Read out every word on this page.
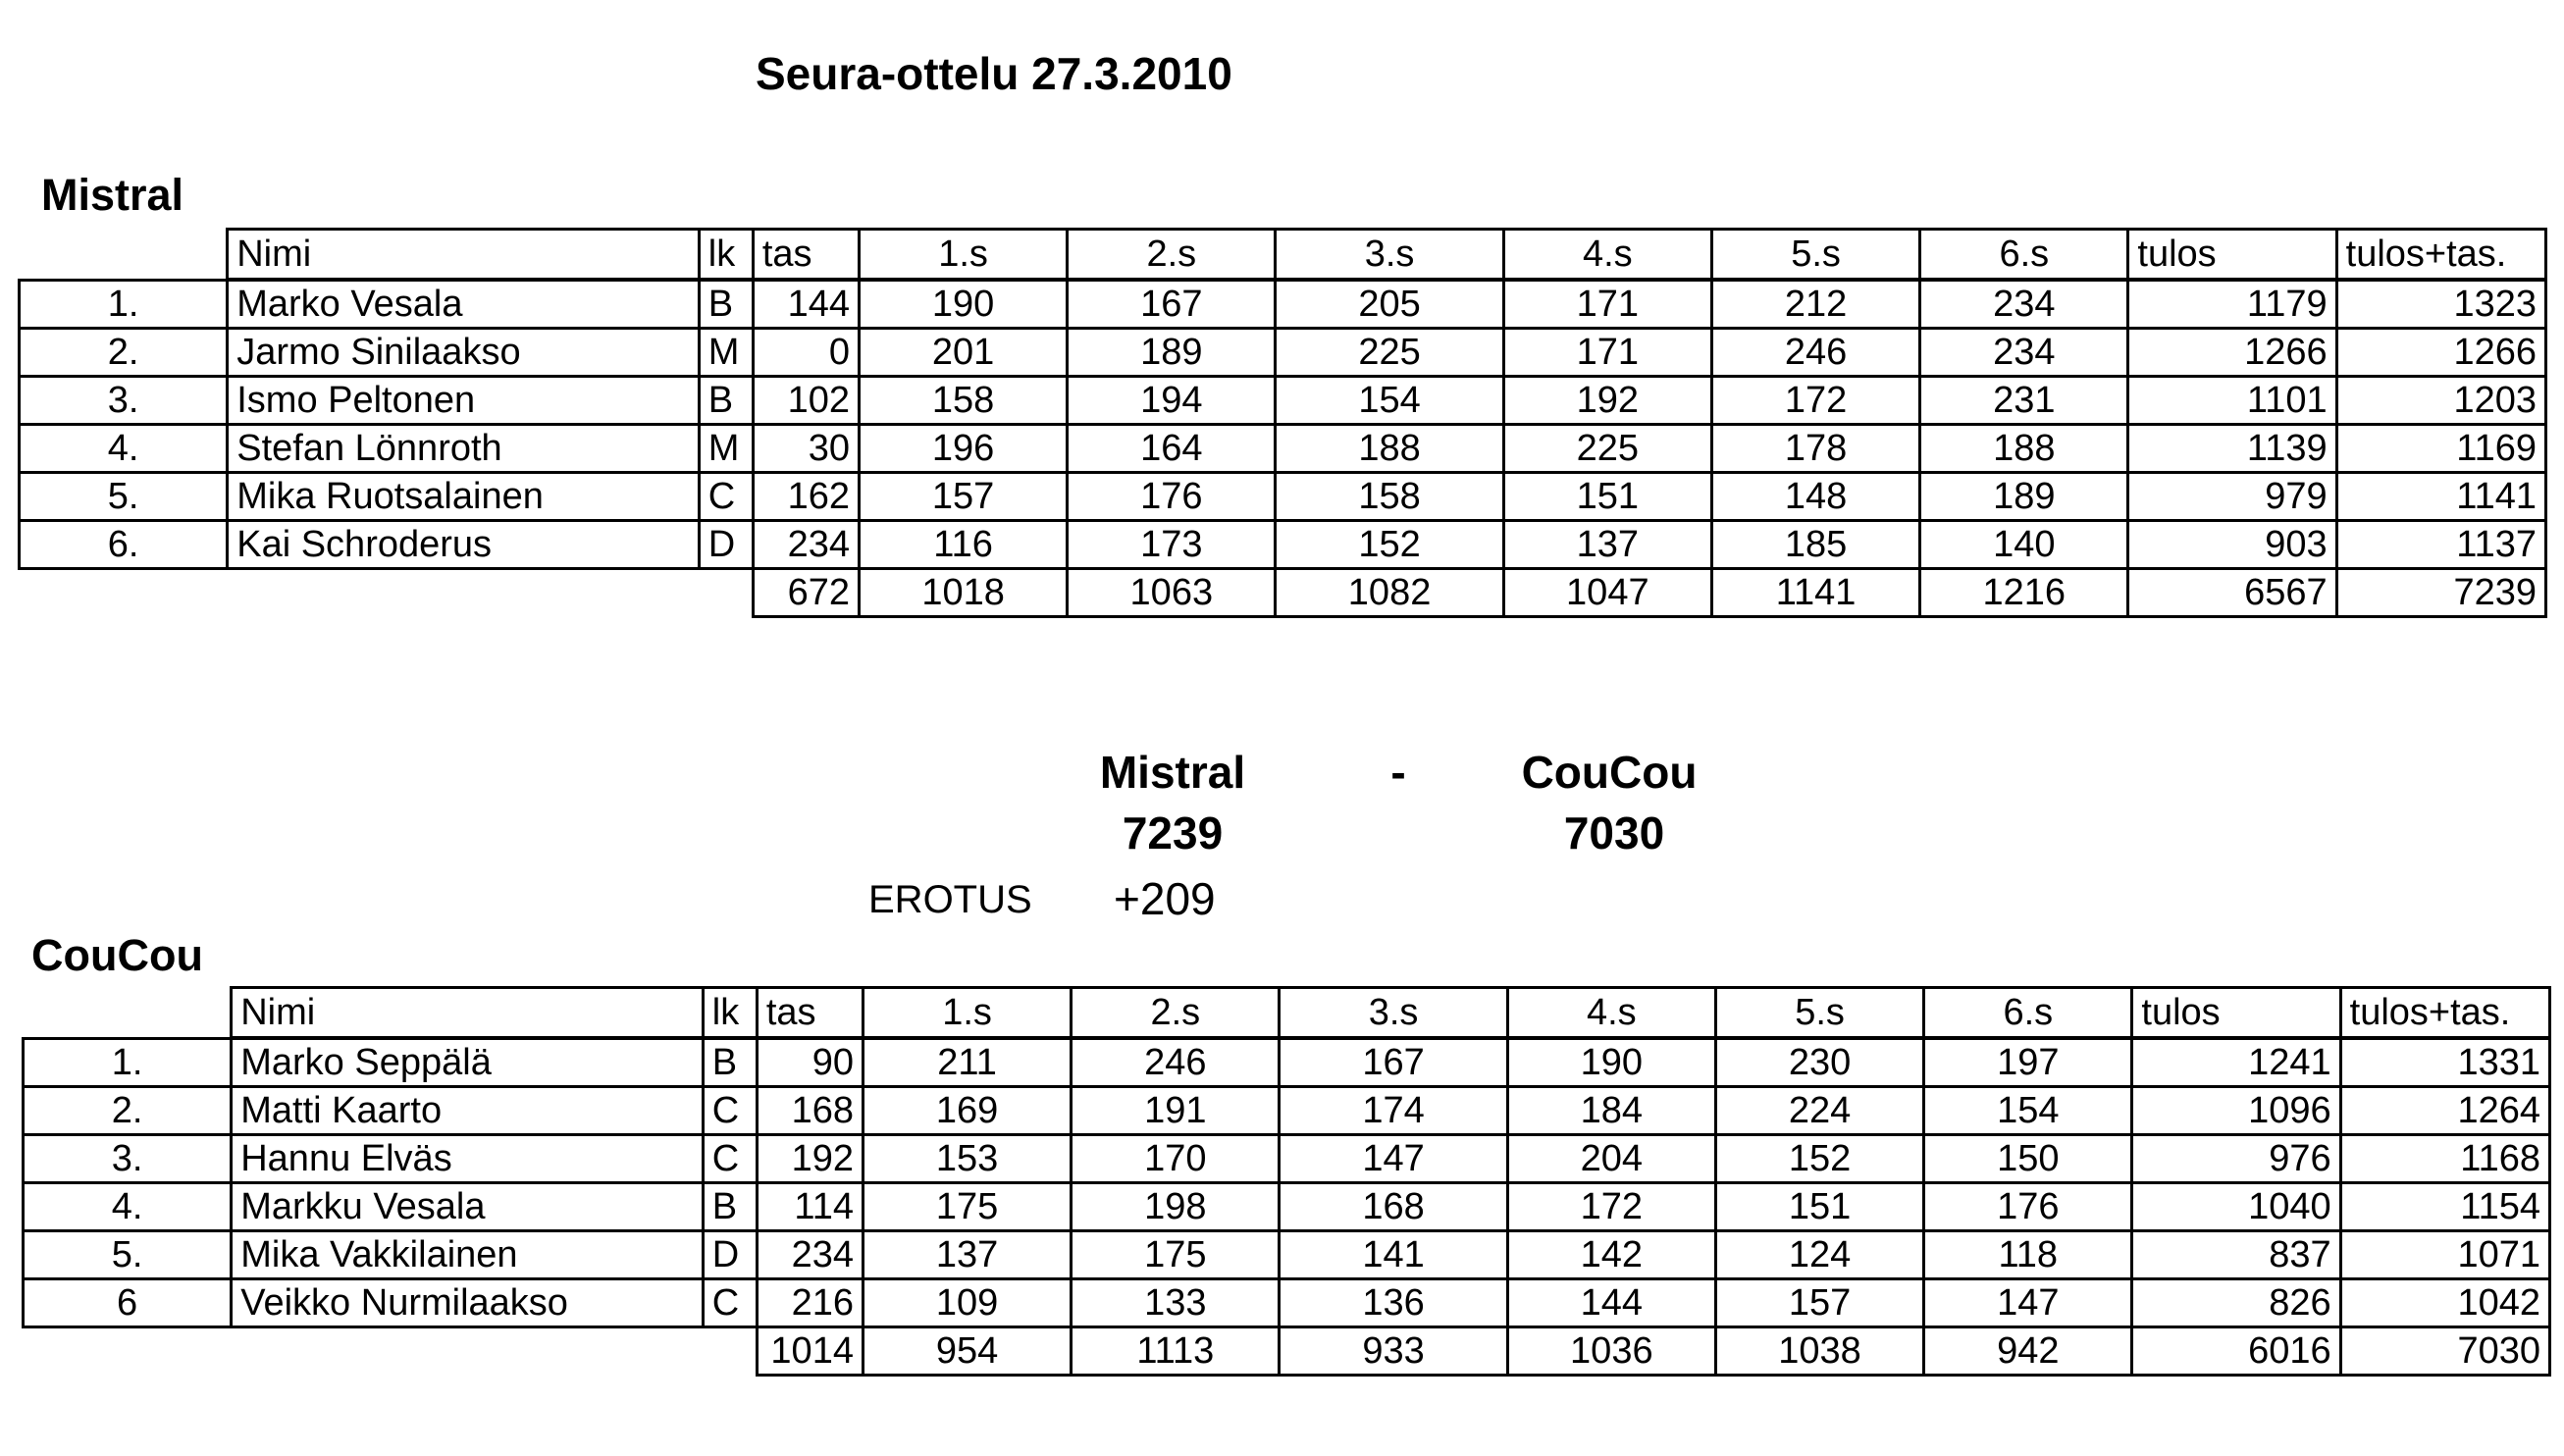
Seura-ottelu 27.3.2010
Mistral
	Nimi	lk	tas	1.s	2.s	3.s	4.s	5.s	6.s	tulos	tulos+tas.
1.	Marko Vesala	B	144	190	167	205	171	212	234	1179	1323
2.	Jarmo Sinilaakso	M	0	201	189	225	171	246	234	1266	1266
3.	Ismo Peltonen	B	102	158	194	154	192	172	231	1101	1203
4.	Stefan Lönnroth	M	30	196	164	188	225	178	188	1139	1169
5.	Mika Ruotsalainen	C	162	157	176	158	151	148	189	979	1141
6.	Kai Schroderus	D	234	116	173	152	137	185	140	903	1137
			672	1018	1063	1082	1047	1141	1216	6567	7239
Mistral	-	CouCou
7239	7030
EROTUS +209
CouCou
	Nimi	lk	tas	1.s	2.s	3.s	4.s	5.s	6.s	tulos	tulos+tas.
1.	Marko Seppälä	B	90	211	246	167	190	230	197	1241	1331
2.	Matti Kaarto	C	168	169	191	174	184	224	154	1096	1264
3.	Hannu Elväs	C	192	153	170	147	204	152	150	976	1168
4.	Markku Vesala	B	114	175	198	168	172	151	176	1040	1154
5.	Mika Vakkilainen	D	234	137	175	141	142	124	118	837	1071
6	Veikko Nurmilaakso	C	216	109	133	136	144	157	147	826	1042
			1014	954	1113	933	1036	1038	942	6016	7030
